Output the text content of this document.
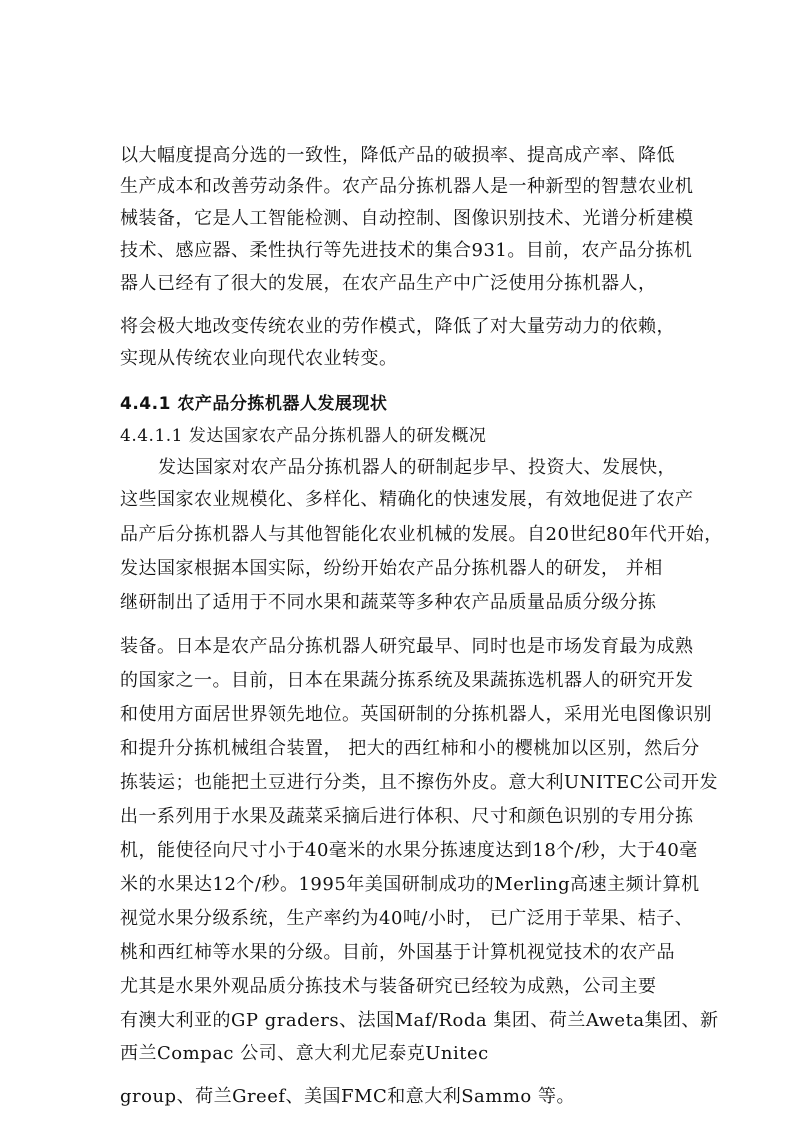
以大幅度提高分选的一致性，降低产品的破损率、提高成产率、降低
生产成本和改善劳动条件。农产品分拣机器人是一种新型的智慧农业机
械装备，它是人工智能检测、自动控制、图像识别技术、光谱分析建模
技术、感应器、柔性执行等先进技术的集合931。目前，农产品分拣机
器人已经有了很大的发展，在农产品生产中广泛使用分拣机器人，
将会极大地改变传统农业的劳作模式，降低了对大量劳动力的依赖，
实现从传统农业向现代农业转变。
4.4.1 农产品分拣机器人发展现状
4.4.1.1 发达国家农产品分拣机器人的研发概况
发达国家对农产品分拣机器人的研制起步早、投资大、发展快，
这些国家农业规模化、多样化、精确化的快速发展，有效地促进了农产
品产后分拣机器人与其他智能化农业机械的发展。自20世纪80年代开始，
发达国家根据本国实际，纷纷开始农产品分拣机器人的研发， 并相
继研制出了适用于不同水果和蔬菜等多种农产品质量品质分级分拣
装备。日本是农产品分拣机器人研究最早、同时也是市场发育最为成熟
的国家之一。目前，日本在果蔬分拣系统及果蔬拣选机器人的研究开发
和使用方面居世界领先地位。英国研制的分拣机器人，采用光电图像识别
和提升分拣机械组合装置， 把大的西红柿和小的樱桃加以区别，然后分
拣装运；也能把土豆进行分类，且不擦伤外皮。意大利UNITEC公司开发
出一系列用于水果及蔬菜采摘后进行体积、尺寸和颜色识别的专用分拣
机，能使径向尺寸小于40毫米的水果分拣速度达到18个/秒，大于40毫
米的水果达12个/秒。1995年美国研制成功的Merling高速主频计算机
视觉水果分级系统，生产率约为40吨/小时， 已广泛用于苹果、桔子、
桃和西红柿等水果的分级。目前，外国基于计算机视觉技术的农产品
尤其是水果外观品质分拣技术与装备研究已经较为成熟，公司主要
有澳大利亚的GP graders、法国Maf/Roda 集团、荷兰Aweta集团、新
西兰Compac 公司、意大利尤尼泰克Unitec
group、荷兰Greef、美国FMC和意大利Sammo 等。
